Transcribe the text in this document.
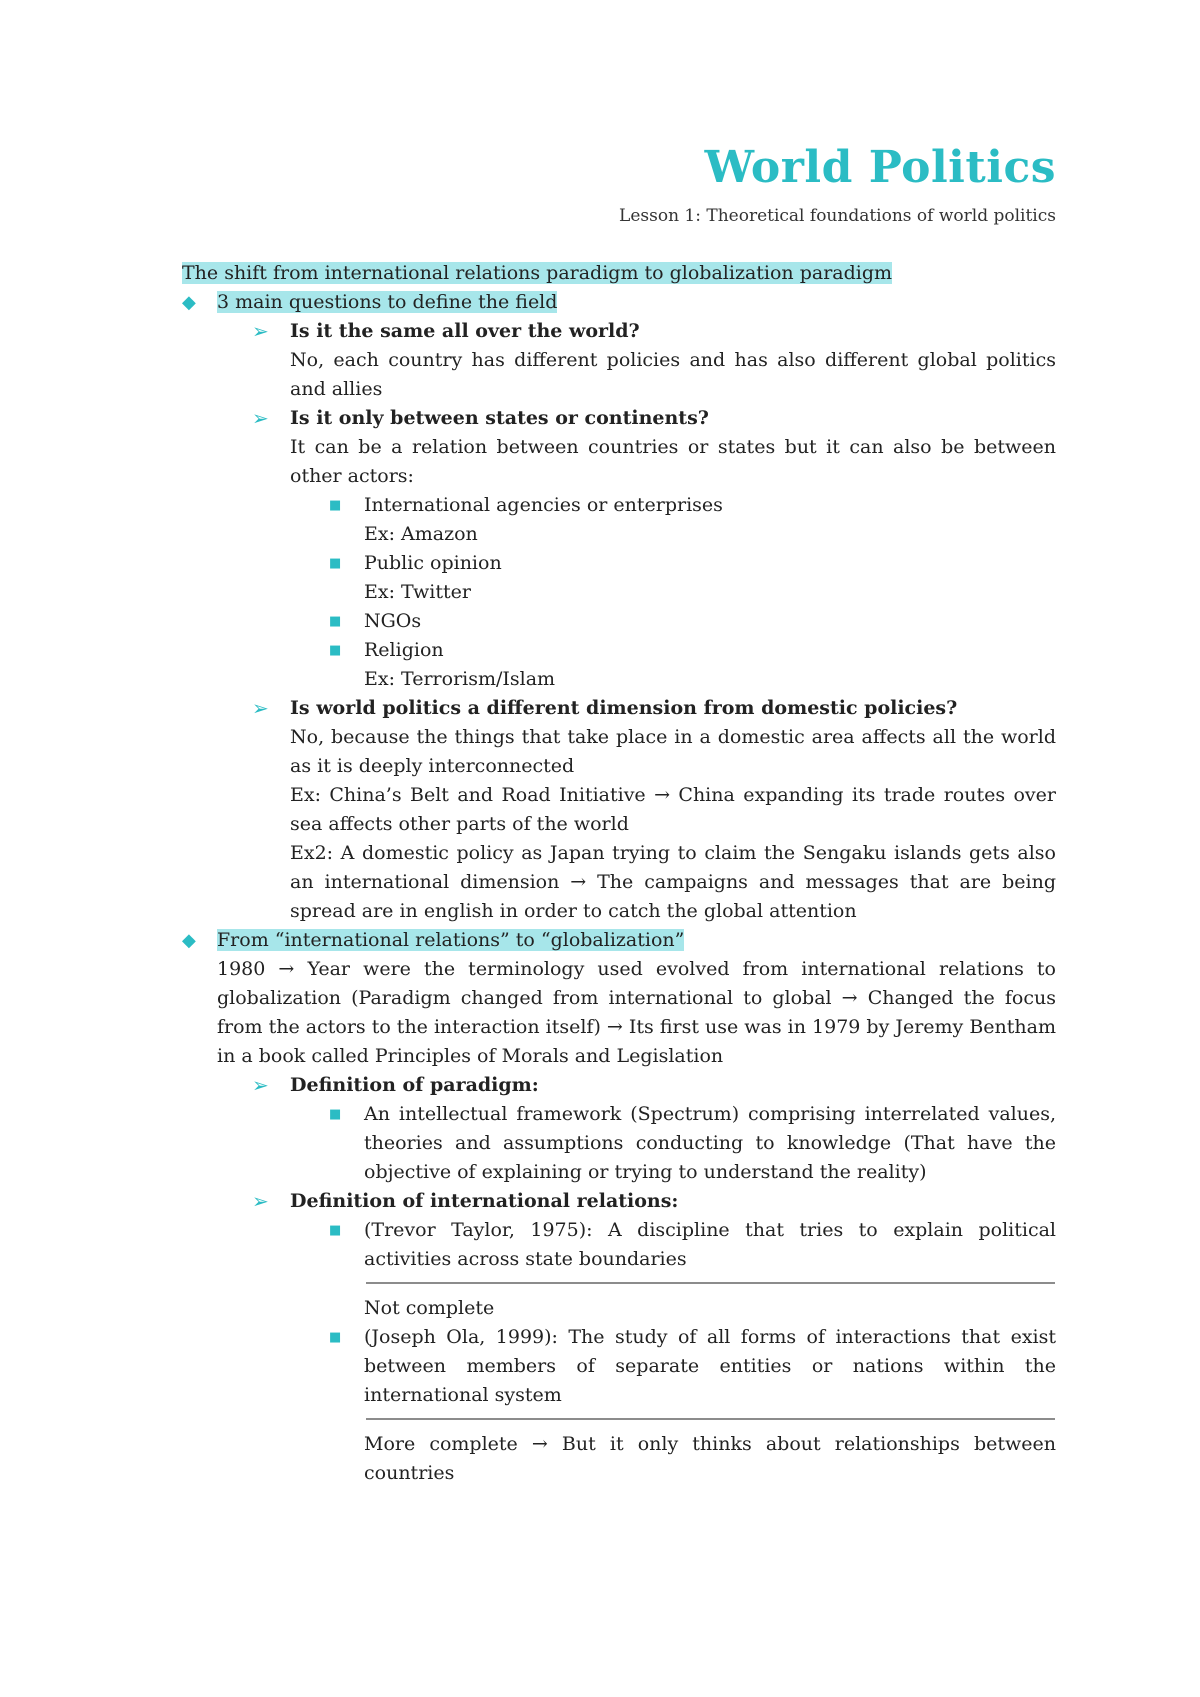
World Politics

Lesson 1: Theoretical foundations of world politics

The shift from international relations paradigm to globalization paradigm
◆ 3 main questions to define the field
➢ Is it the same all over the world?
No, each country has different policies and has also different global politics and allies
➢ Is it only between states or continents?
It can be a relation between countries or states but it can also be between other actors:
■ International agencies or enterprises
Ex: Amazon
■ Public opinion
Ex: Twitter
■ NGOs
■ Religion
Ex: Terrorism/Islam
➢ Is world politics a different dimension from domestic policies?
No, because the things that take place in a domestic area affects all the world as it is deeply interconnected
Ex: China’s Belt and Road Initiative → China expanding its trade routes over sea affects other parts of the world
Ex2: A domestic policy as Japan trying to claim the Sengaku islands gets also an international dimension → The campaigns and messages that are being spread are in english in order to catch the global attention
◆ From “international relations” to “globalization”
1980 → Year were the terminology used evolved from international relations to globalization (Paradigm changed from international to global → Changed the focus from the actors to the interaction itself) → Its first use was in 1979 by Jeremy Bentham in a book called Principles of Morals and Legislation
➢ Definition of paradigm:
■ An intellectual framework (Spectrum) comprising interrelated values, theories and assumptions conducting to knowledge (That have the objective of explaining or trying to understand the reality)
➢ Definition of international relations:
■ (Trevor Taylor, 1975): A discipline that tries to explain political activities across state boundaries
Not complete
■ (Joseph Ola, 1999): The study of all forms of interactions that exist between members of separate entities or nations within the international system
More complete → But it only thinks about relationships between countries
